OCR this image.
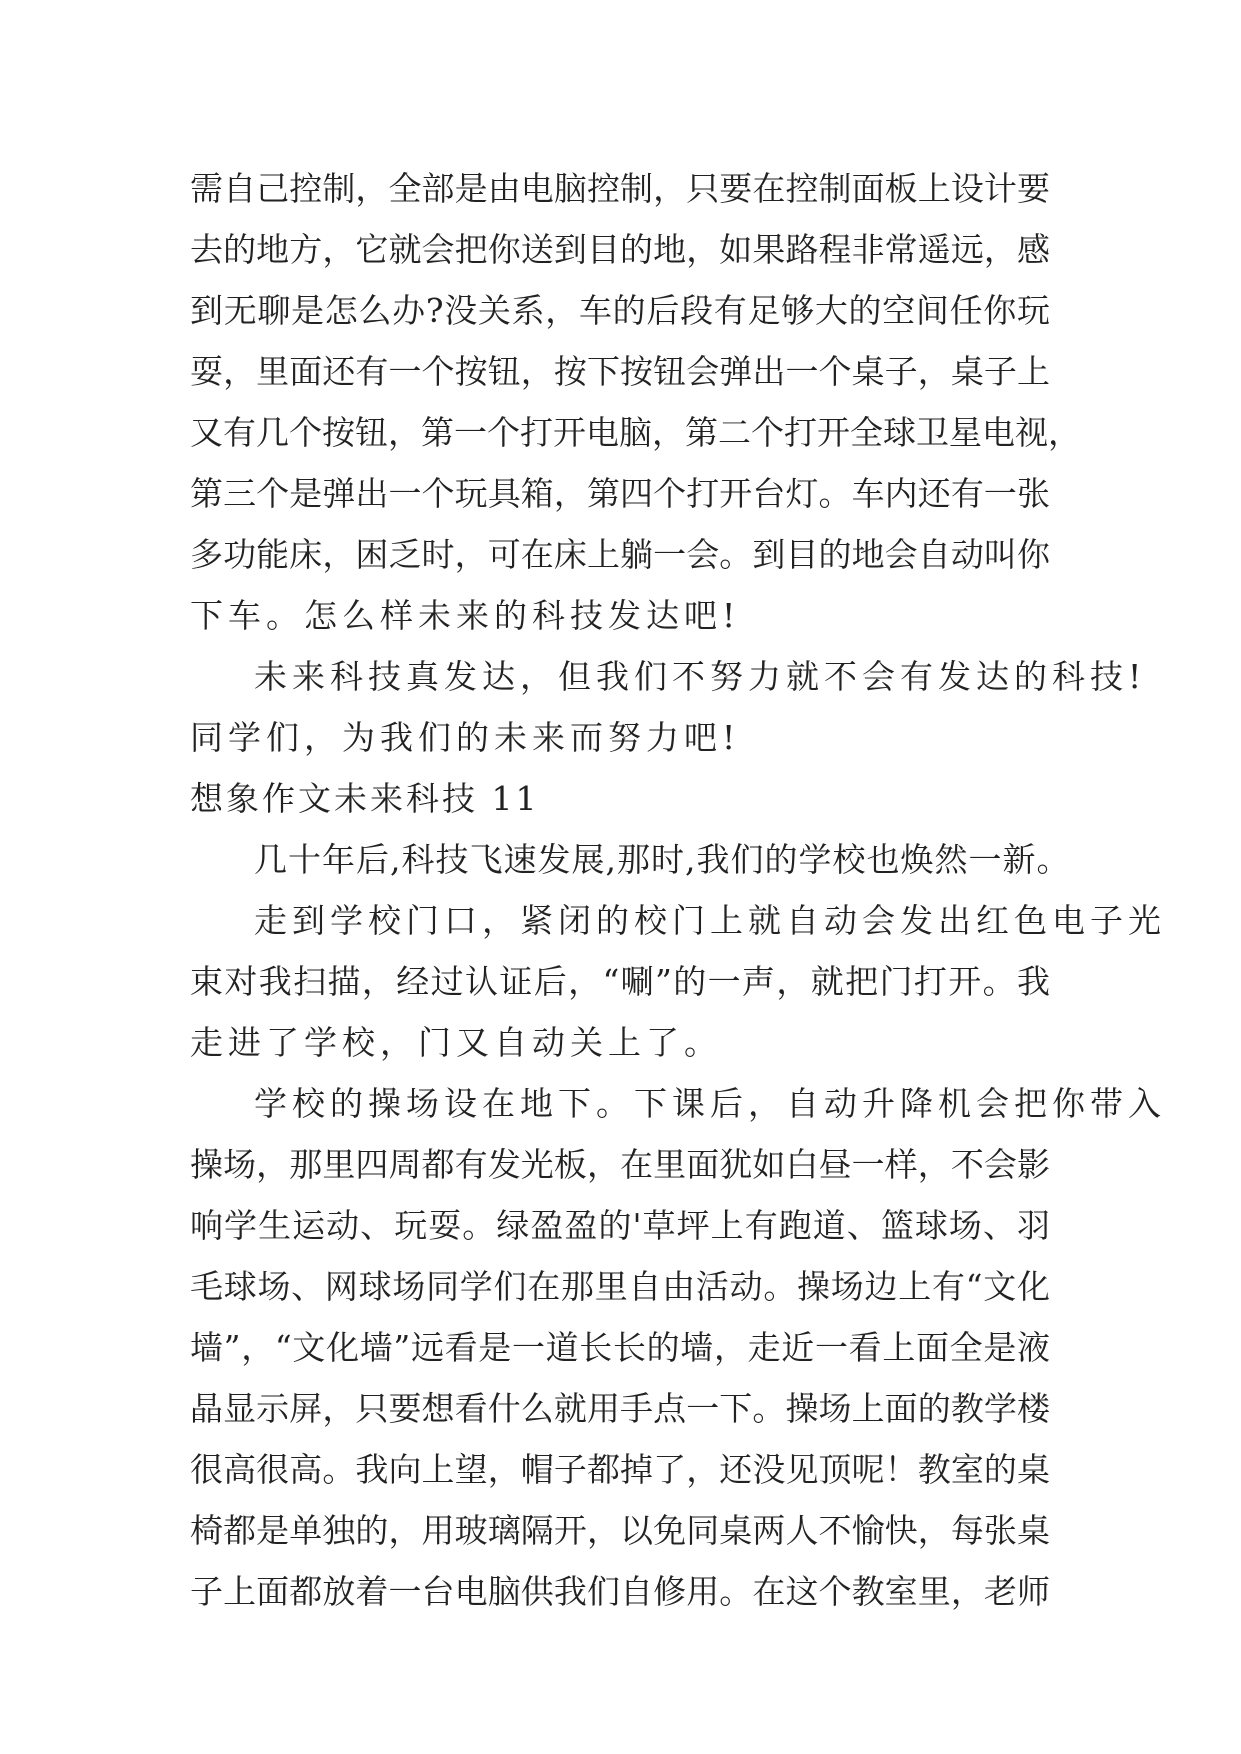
需自己控制，全部是由电脑控制，只要在控制面板上设计要
去的地方，它就会把你送到目的地，如果路程非常遥远，感
到无聊是怎么办?没关系，车的后段有足够大的空间任你玩
耍，里面还有一个按钮，按下按钮会弹出一个桌子，桌子上
又有几个按钮，第一个打开电脑，第二个打开全球卫星电视，
第三个是弹出一个玩具箱，第四个打开台灯。车内还有一张
多功能床，困乏时，可在床上躺一会。到目的地会自动叫你
下车。怎么样未来的科技发达吧!
未来科技真发达，但我们不努力就不会有发达的科技!
同学们，为我们的未来而努力吧!
想象作文未来科技 11
几十年后,科技飞速发展,那时,我们的学校也焕然一新。
走到学校门口，紧闭的校门上就自动会发出红色电子光
束对我扫描，经过认证后，“唰”的一声，就把门打开。我
走进了学校，门又自动关上了。
学校的操场设在地下。下课后，自动升降机会把你带入
操场，那里四周都有发光板，在里面犹如白昼一样，不会影
响学生运动、玩耍。绿盈盈的'草坪上有跑道、篮球场、羽
毛球场、网球场同学们在那里自由活动。操场边上有“文化
墙”，“文化墙”远看是一道长长的墙，走近一看上面全是液
晶显示屏，只要想看什么就用手点一下。操场上面的教学楼
很高很高。我向上望，帽子都掉了，还没见顶呢！教室的桌
椅都是单独的，用玻璃隔开，以免同桌两人不愉快，每张桌
子上面都放着一台电脑供我们自修用。在这个教室里，老师
